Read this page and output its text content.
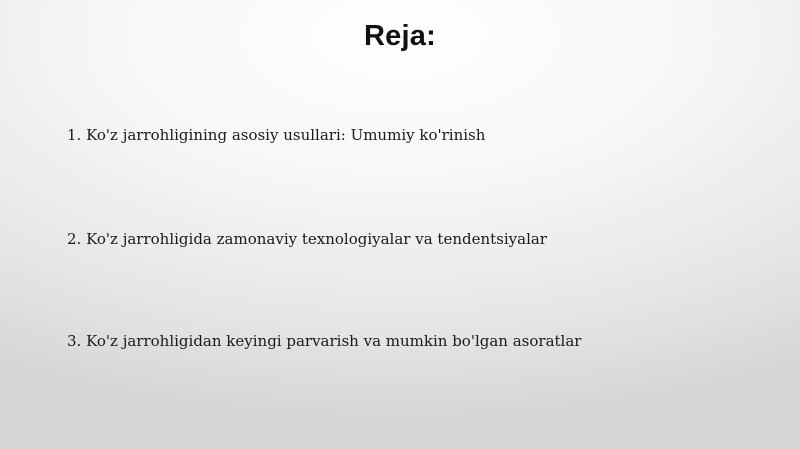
Reja:
1. Ko'z jarrohligining asosiy usullari: Umumiy ko'rinish
2. Ko'z jarrohligida zamonaviy texnologiyalar va tendentsiyalar
3. Ko'z jarrohligidan keyingi parvarish va mumkin bo'lgan asoratlar
